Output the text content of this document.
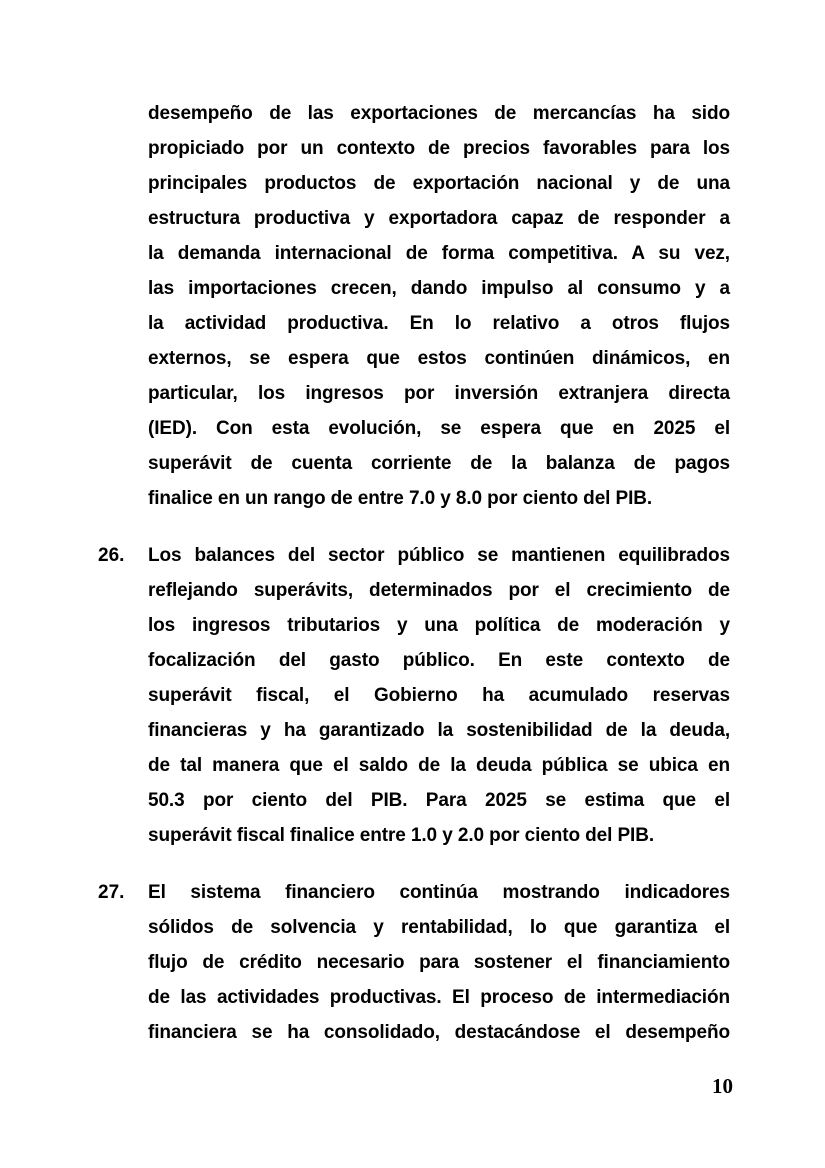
desempeño de las exportaciones de mercancías ha sido
propiciado por un contexto de precios favorables para los
principales productos de exportación nacional y de una
estructura productiva y exportadora capaz de responder a
la demanda internacional de forma competitiva. A su vez,
las importaciones crecen, dando impulso al consumo y a
la actividad productiva. En lo relativo a otros flujos
externos, se espera que estos continúen dinámicos, en
particular, los ingresos por inversión extranjera directa
(IED). Con esta evolución, se espera que en 2025 el
superávit de cuenta corriente de la balanza de pagos
finalice en un rango de entre 7.0 y 8.0 por ciento del PIB.
26.	Los balances del sector público se mantienen equilibrados
reflejando superávits, determinados por el crecimiento de
los ingresos tributarios y una política de moderación y
focalización del gasto público. En este contexto de
superávit fiscal, el Gobierno ha acumulado reservas
financieras y ha garantizado la sostenibilidad de la deuda,
de tal manera que el saldo de la deuda pública se ubica en
50.3 por ciento del PIB. Para 2025 se estima que el
superávit fiscal finalice entre 1.0 y 2.0 por ciento del PIB.
27.	El sistema financiero continúa mostrando indicadores
sólidos de solvencia y rentabilidad, lo que garantiza el
flujo de crédito necesario para sostener el financiamiento
de las actividades productivas. El proceso de intermediación
financiera se ha consolidado, destacándose el desempeño
10
